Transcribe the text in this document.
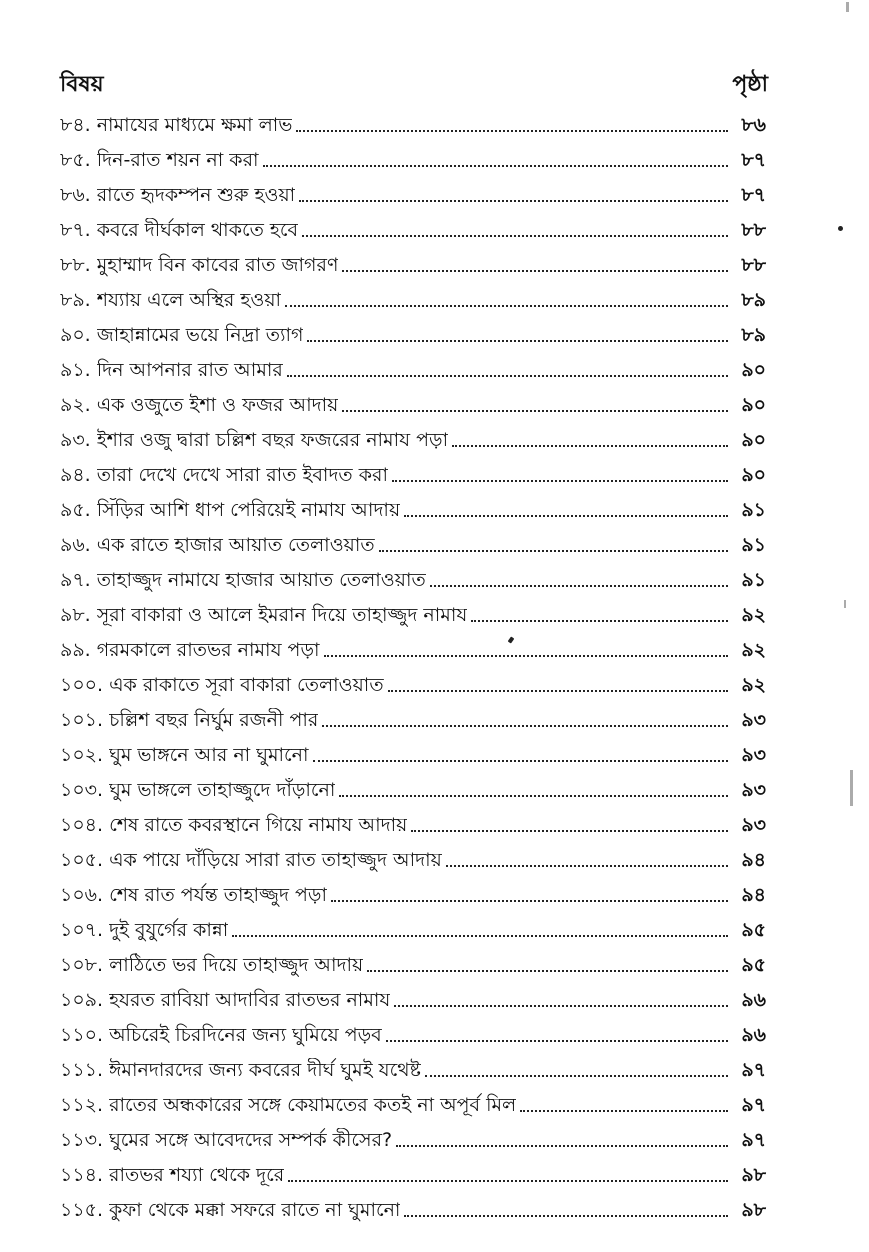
বিষয়	পৃষ্ঠা
৮৪. নামাযের মাধ্যমে ক্ষমা লাভ	৮৬
৮৫. দিন-রাত শয়ন না করা	৮৭
৮৬. রাতে হৃদকম্পন শুরু হওয়া	৮৭
৮৭. কবরে দীর্ঘকাল থাকতে হবে	৮৮
৮৮. মুহাম্মাদ বিন কাবের রাত জাগরণ	৮৮
৮৯. শয্যায় এলে অস্থির হওয়া	৮৯
৯০. জাহান্নামের ভয়ে নিদ্রা ত্যাগ	৮৯
৯১. দিন আপনার রাত আমার	৯০
৯২. এক ওজুতে ইশা ও ফজর আদায়	৯০
৯৩. ইশার ওজু দ্বারা চল্লিশ বছর ফজরের নামায পড়া	৯০
৯৪. তারা দেখে দেখে সারা রাত ইবাদত করা	৯০
৯৫. সিঁড়ির আশি ধাপ পেরিয়েই নামায আদায়	৯১
৯৬. এক রাতে হাজার আয়াত তেলাওয়াত	৯১
৯৭. তাহাজ্জুদ নামাযে হাজার আয়াত তেলাওয়াত	৯১
৯৮. সূরা বাকারা ও আলে ইমরান দিয়ে তাহাজ্জুদ নামায	৯২
৯৯. গরমকালে রাতভর নামায পড়া	৯২
১০০. এক রাকাতে সূরা বাকারা তেলাওয়াত	৯২
১০১. চল্লিশ বছর নির্ঘুম রজনী পার	৯৩
১০২. ঘুম ভাঙ্গনে আর না ঘুমানো	৯৩
১০৩. ঘুম ভাঙ্গলে তাহাজ্জুদে দাঁড়ানো	৯৩
১০৪. শেষ রাতে কবরস্থানে গিয়ে নামায আদায়	৯৩
১০৫. এক পায়ে দাঁড়িয়ে সারা রাত তাহাজ্জুদ আদায়	৯৪
১০৬. শেষ রাত পর্যন্ত তাহাজ্জুদ পড়া	৯৪
১০৭. দুই বুযুর্গের কান্না	৯৫
১০৮. লাঠিতে ভর দিয়ে তাহাজ্জুদ আদায়	৯৫
১০৯. হযরত রাবিয়া আদাবির রাতভর নামায	৯৬
১১০. অচিরেই চিরদিনের জন্য ঘুমিয়ে পড়ব	৯৬
১১১. ঈমানদারদের জন্য কবরের দীর্ঘ ঘুমই যথেষ্ট	৯৭
১১২. রাতের অন্ধকারের সঙ্গে কেয়ামতের কতই না অপূর্ব মিল	৯৭
১১৩. ঘুমের সঙ্গে আবেদদের সম্পর্ক কীসের?	৯৭
১১৪. রাতভর শয্যা থেকে দূরে	৯৮
১১৫. কুফা থেকে মক্কা সফরে রাতে না ঘুমানো	৯৮
